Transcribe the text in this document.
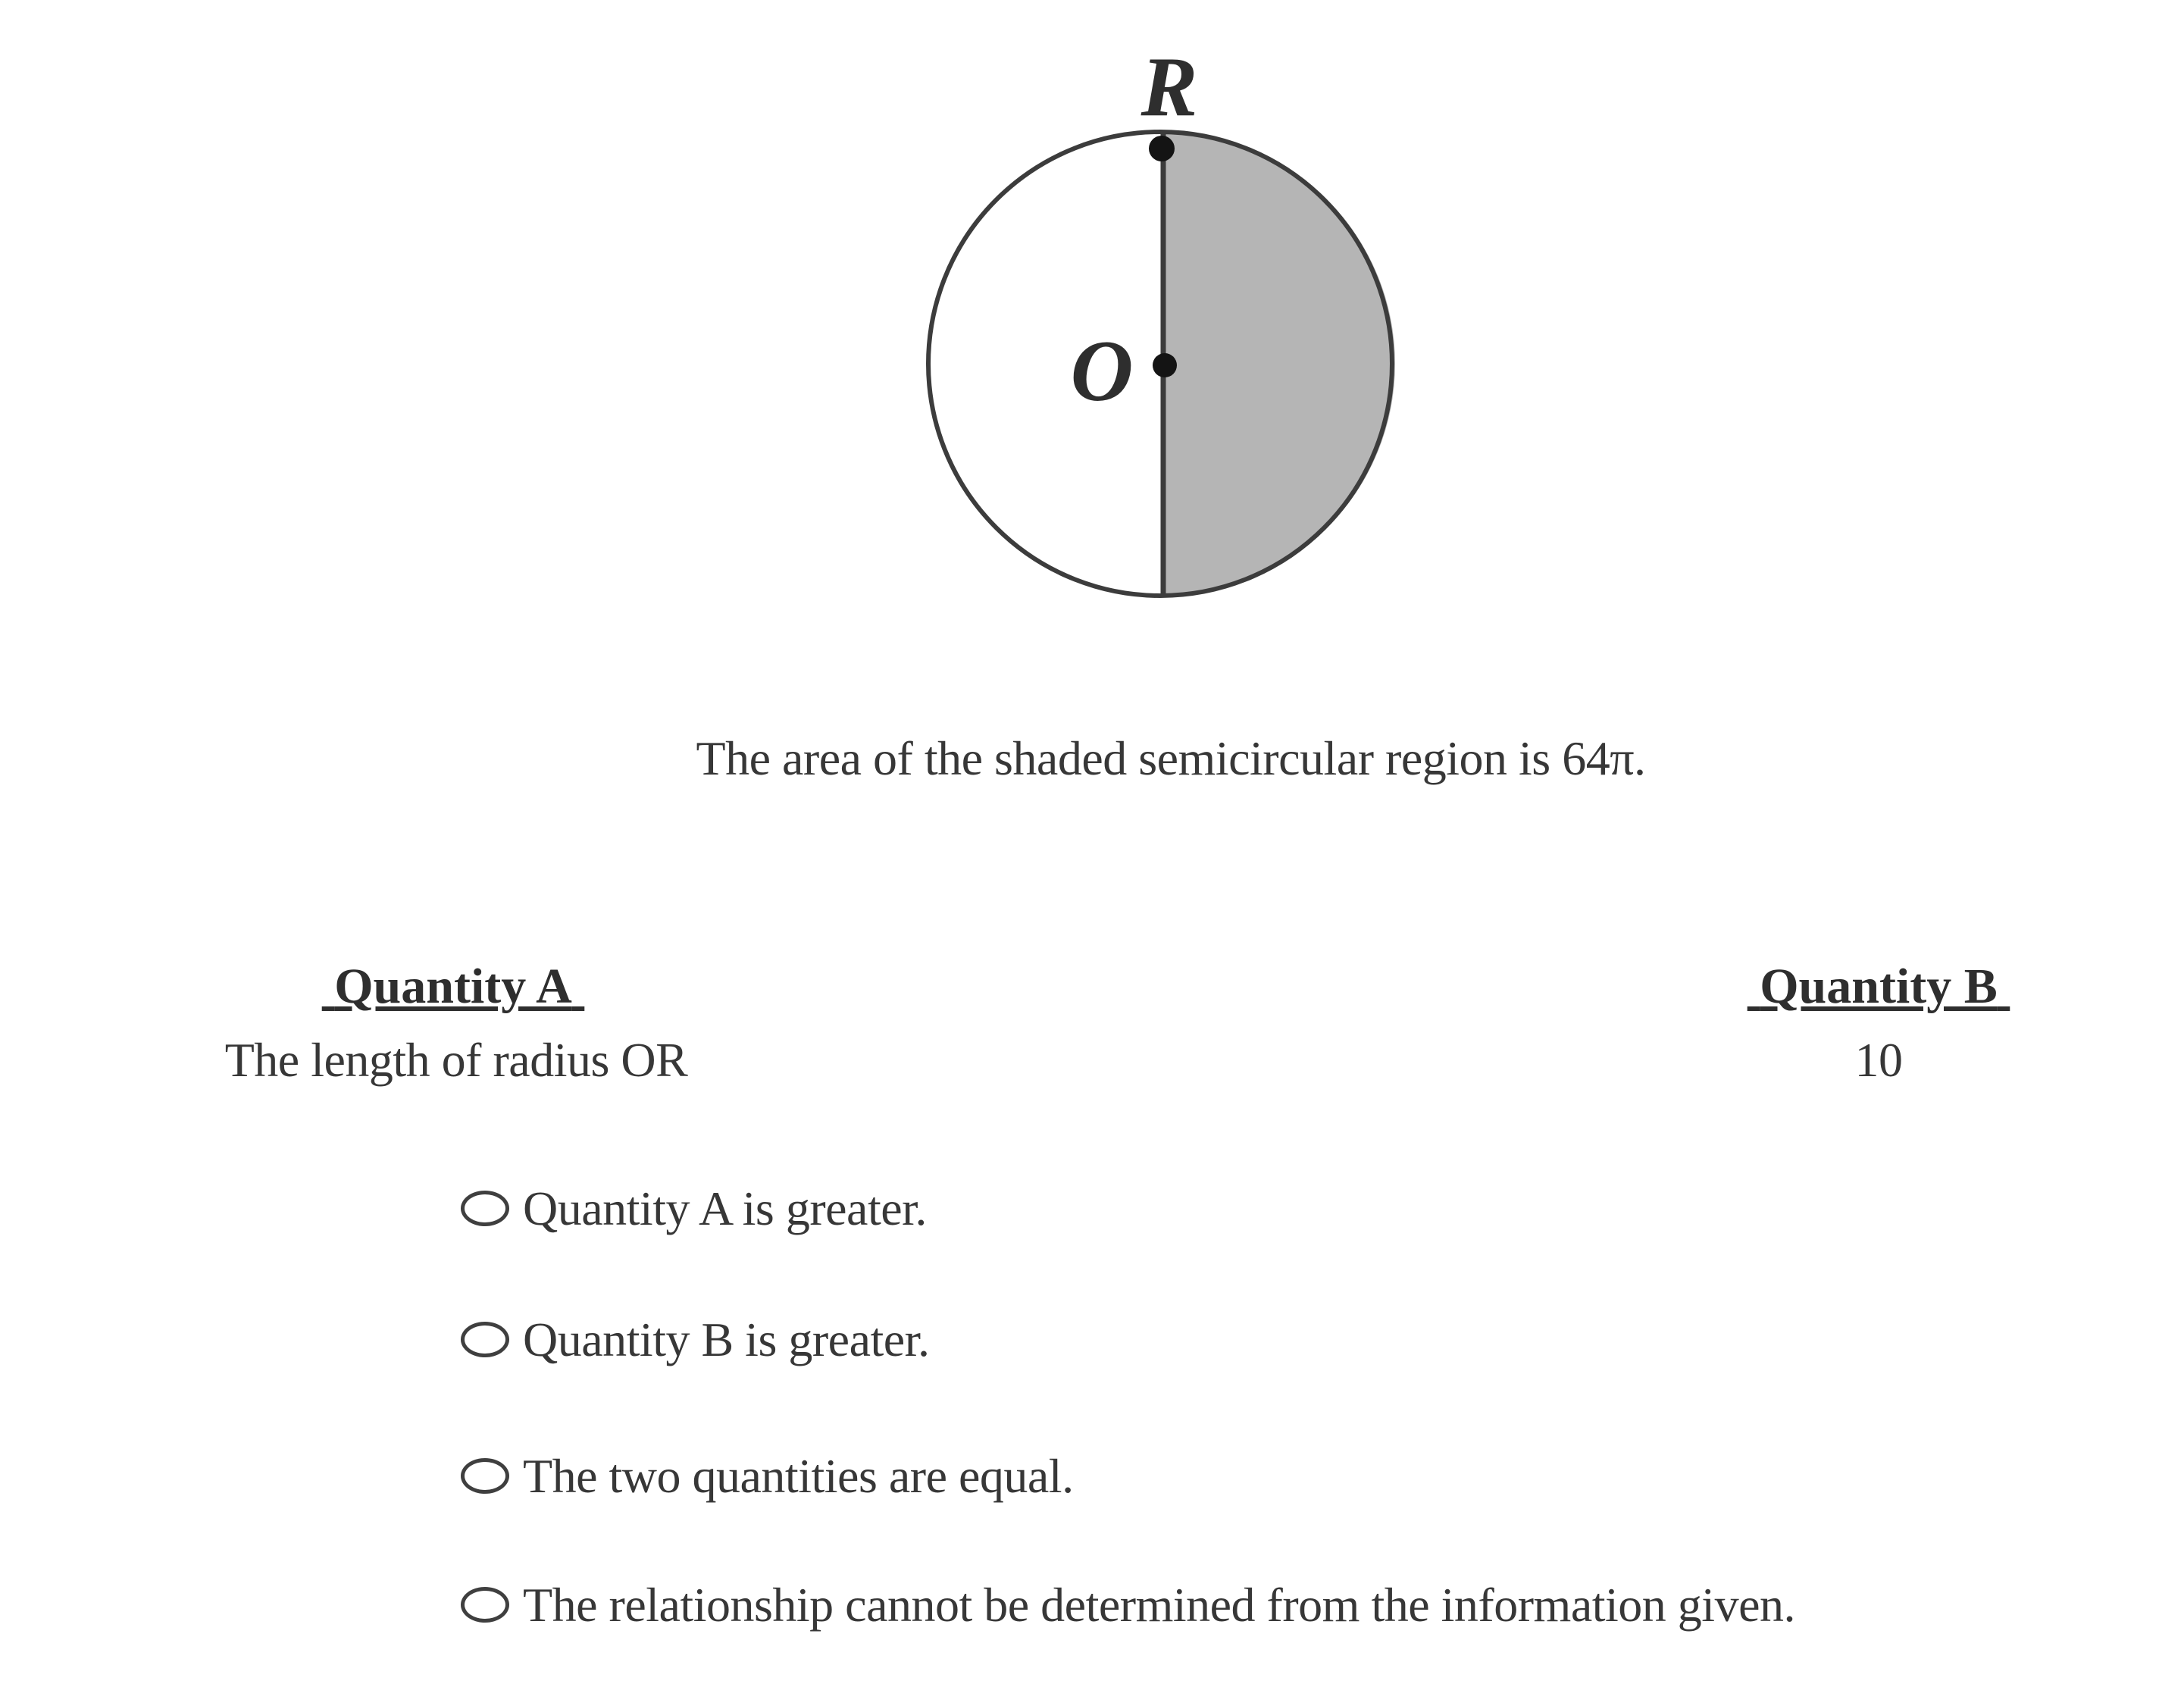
R
O
The area of the shaded semicircular region is 64π.
Quantity A	Quantity B
The length of radius OR	10
Quantity A is greater.
Quantity B is greater.
The two quantities are equal.
The relationship cannot be determined from the information given.
